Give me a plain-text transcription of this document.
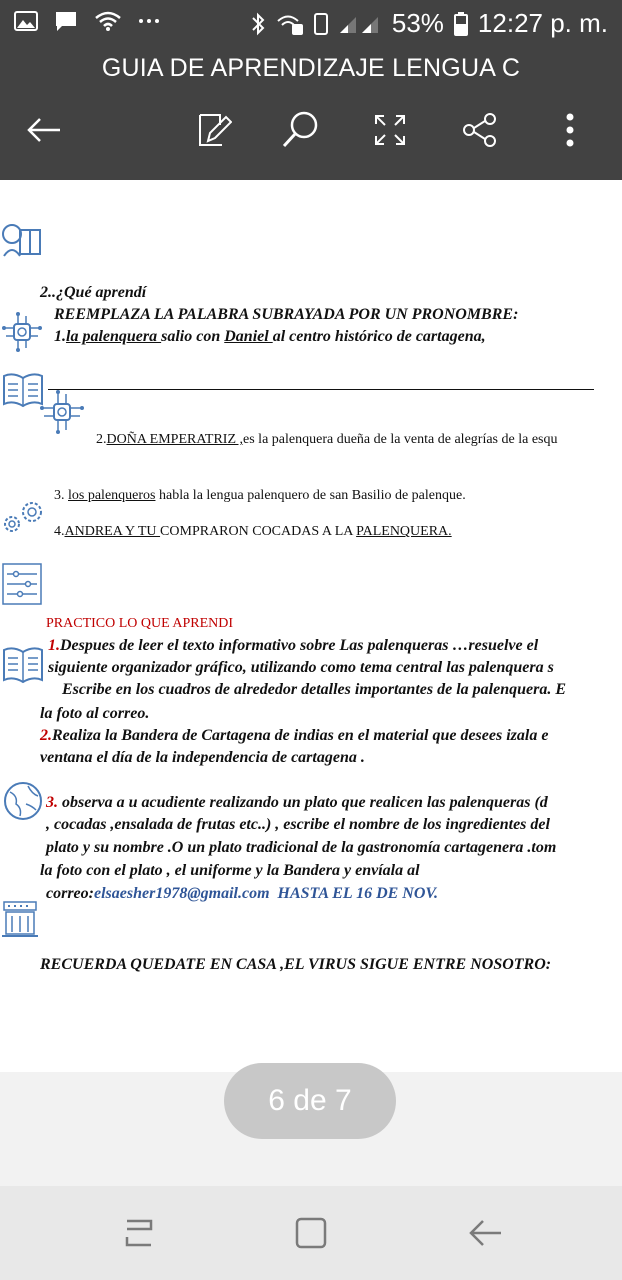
53% 12:27 p. m.
GUIA DE APRENDIZAJE LENGUA C
2..¿Qué aprendí
REEMPLAZA LA PALABRA SUBRAYADA POR UN PRONOMBRE:
1.la palenquera salio con Daniel al centro histórico de cartagena,
2.DOÑA EMPERATRIZ ,es la palenquera dueña de la venta de alegrías de la esqu
3. los palenqueros habla la lengua palenquero de san Basilio de palenque.
4.ANDREA Y TU COMPRARON COCADAS A LA PALENQUERA.
PRACTICO LO QUE APRENDI
1.Despues de leer el texto informativo sobre Las palenqueras …resuelve el
siguiente organizador gráfico, utilizando como tema central las palenquera s
Escribe en los cuadros de alrededor detalles importantes de la palenquera. E
la foto al correo.
2.Realiza la Bandera de Cartagena de indias en el material que desees izala e
ventana el día de la independencia de cartagena .
3. observa a u acudiente realizando un plato que realicen las palenqueras (d
, cocadas ,ensalada de frutas etc..) , escribe el nombre de los ingredientes del
plato y su nombre .O un plato tradicional de la gastronomía cartagenera .tom
la foto con el plato , el uniforme y la Bandera y envíala al
correo:elsaesher1978@gmail.com HASTA EL 16 DE NOV.
RECUERDA QUEDATE EN CASA ,EL VIRUS SIGUE ENTRE NOSOTRO:
6 de 7
